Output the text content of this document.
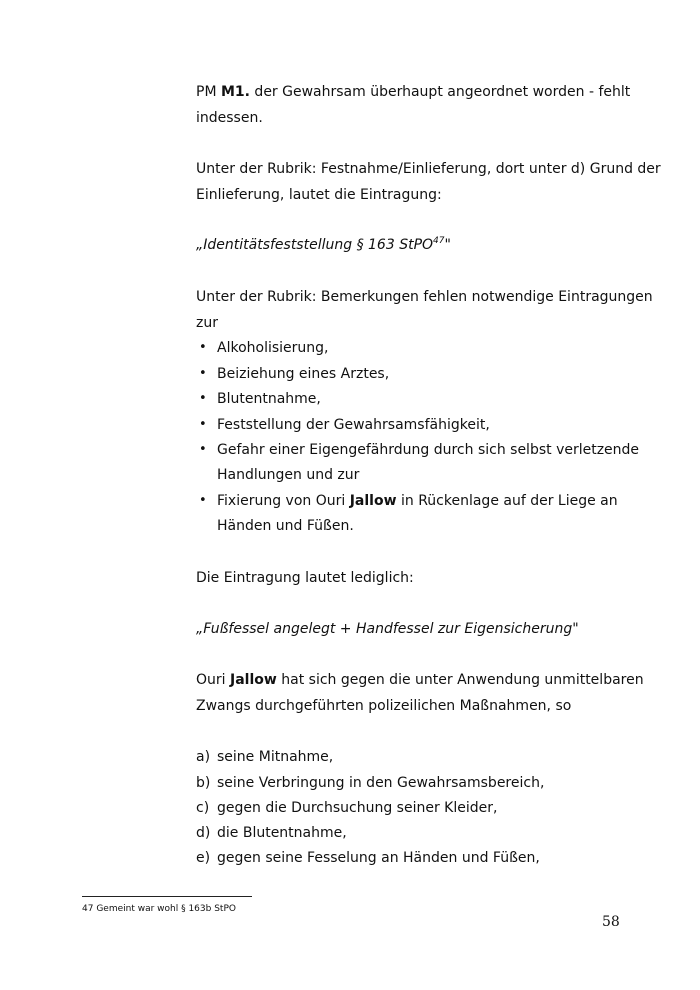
PM M1. der Gewahrsam überhaupt angeordnet worden - fehlt
indessen.
Unter der Rubrik: Festnahme/Einlieferung, dort unter d) Grund der
Einlieferung, lautet die Eintragung:
„Identitätsfeststellung § 163 StPO$^{47}$"
Unter der Rubrik: Bemerkungen fehlen notwendige Eintragungen
zur
• Alkoholisierung,
• Beiziehung eines Arztes,
• Blutentnahme,
• Feststellung der Gewahrsamsfähigkeit,
• Gefahr einer Eigengefährdung durch sich selbst verletzende
Handlungen und zur
• Fixierung von Ouri Jallow in Rückenlage auf der Liege an
Händen und Füßen.
Die Eintragung lautet lediglich:
„Fußfessel angelegt + Handfessel zur Eigensicherung"
Ouri Jallow hat sich gegen die unter Anwendung unmittelbaren
Zwangs durchgeführten polizeilichen Maßnahmen, so
a) seine Mitnahme,
b) seine Verbringung in den Gewahrsamsbereich,
c) gegen die Durchsuchung seiner Kleider,
d) die Blutentnahme,
e) gegen seine Fesselung an Händen und Füßen,
47 Gemeint war wohl § 163b StPO
58
